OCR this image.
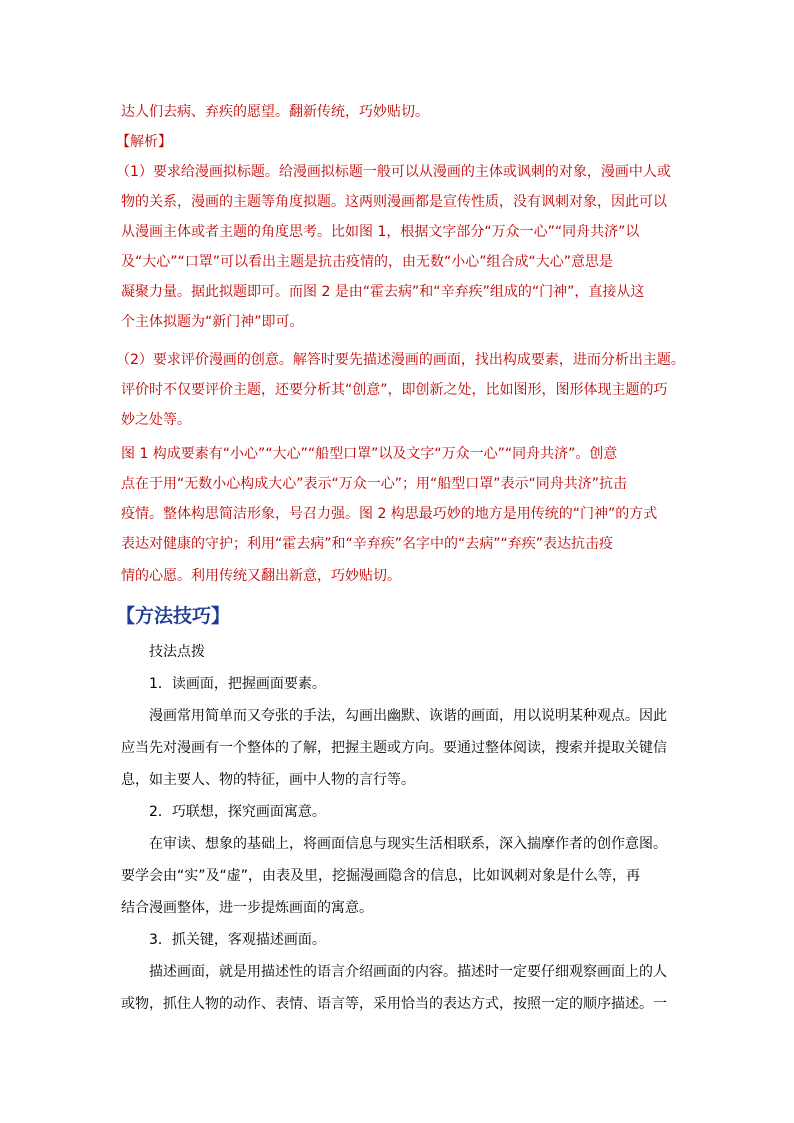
达人们去病、弃疾的愿望。翻新传统，巧妙贴切。
【解析】
（1）要求给漫画拟标题。给漫画拟标题一般可以从漫画的主体或讽刺的对象，漫画中人或
物的关系，漫画的主题等角度拟题。这两则漫画都是宣传性质，没有讽刺对象，因此可以
从漫画主体或者主题的角度思考。比如图 1，根据文字部分“万众一心”“同舟共济”以
及“大心”“口罩”可以看出主题是抗击疫情的，由无数“小心”组合成“大心”意思是
凝聚力量。据此拟题即可。而图 2 是由“霍去病”和“辛弃疾”组成的“门神”，直接从这
个主体拟题为“新门神”即可。
（2）要求评价漫画的创意。解答时要先描述漫画的画面，找出构成要素，进而分析出主题。
评价时不仅要评价主题，还要分析其“创意”，即创新之处，比如图形，图形体现主题的巧
妙之处等。
图 1 构成要素有“小心”“大心”“船型口罩”以及文字“万众一心”“同舟共济”。创意
点在于用“无数小心构成大心”表示“万众一心”；用“船型口罩”表示“同舟共济”抗击
疫情。整体构思简洁形象，号召力强。图 2 构思最巧妙的地方是用传统的“门神”的方式
表达对健康的守护；利用“霍去病”和“辛弃疾”名字中的“去病”“弃疾”表达抗击疫
情的心愿。利用传统又翻出新意，巧妙贴切。
【方法技巧】
技法点拨
1．读画面，把握画面要素。
漫画常用简单而又夸张的手法，勾画出幽默、诙谐的画面，用以说明某种观点。因此
应当先对漫画有一个整体的了解，把握主题或方向。要通过整体阅读，搜索并提取关键信
息，如主要人、物的特征，画中人物的言行等。
2．巧联想，探究画面寓意。
在审读、想象的基础上，将画面信息与现实生活相联系，深入揣摩作者的创作意图。
要学会由“实”及“虚”，由表及里，挖掘漫画隐含的信息，比如讽刺对象是什么等，再
结合漫画整体，进一步提炼画面的寓意。
3．抓关键，客观描述画面。
描述画面，就是用描述性的语言介绍画面的内容。描述时一定要仔细观察画面上的人
或物，抓住人物的动作、表情、语言等，采用恰当的表达方式，按照一定的顺序描述。一
